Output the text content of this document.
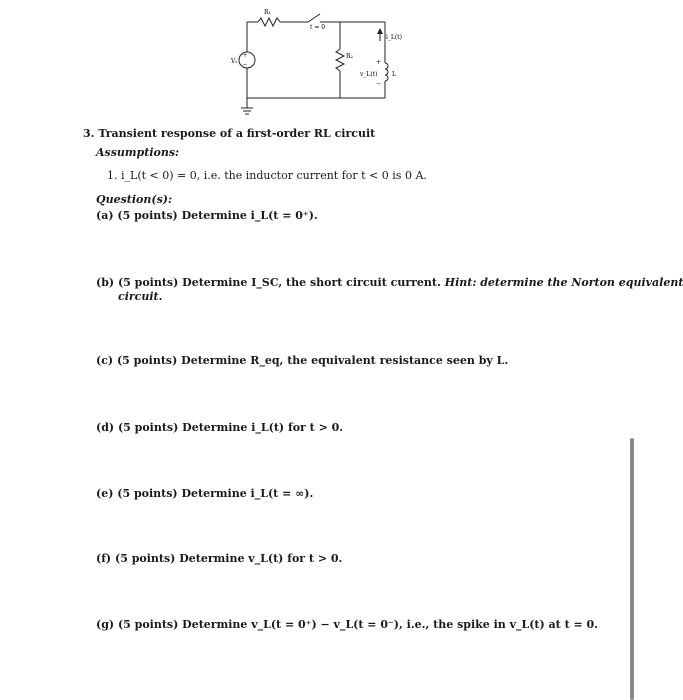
+
−
R₁
t = 0
R₂
Vₛ
i_L(t)
v_L(t) L
+
−
3. Transient response of a first-order RL circuit
Assumptions:
1. i_L(t < 0) = 0, i.e. the inductor current for t < 0 is 0 A.
Question(s):
(a) (5 points) Determine i_L(t = 0⁺).
(b) (5 points) Determine I_SC, the short circuit current. Hint: determine the Norton equivalent
circuit.
(c) (5 points) Determine R_eq, the equivalent resistance seen by L.
(d) (5 points) Determine i_L(t) for t > 0.
(e) (5 points) Determine i_L(t = ∞).
(f) (5 points) Determine v_L(t) for t > 0.
(g) (5 points) Determine v_L(t = 0⁺) − v_L(t = 0⁻), i.e., the spike in v_L(t) at t = 0.
